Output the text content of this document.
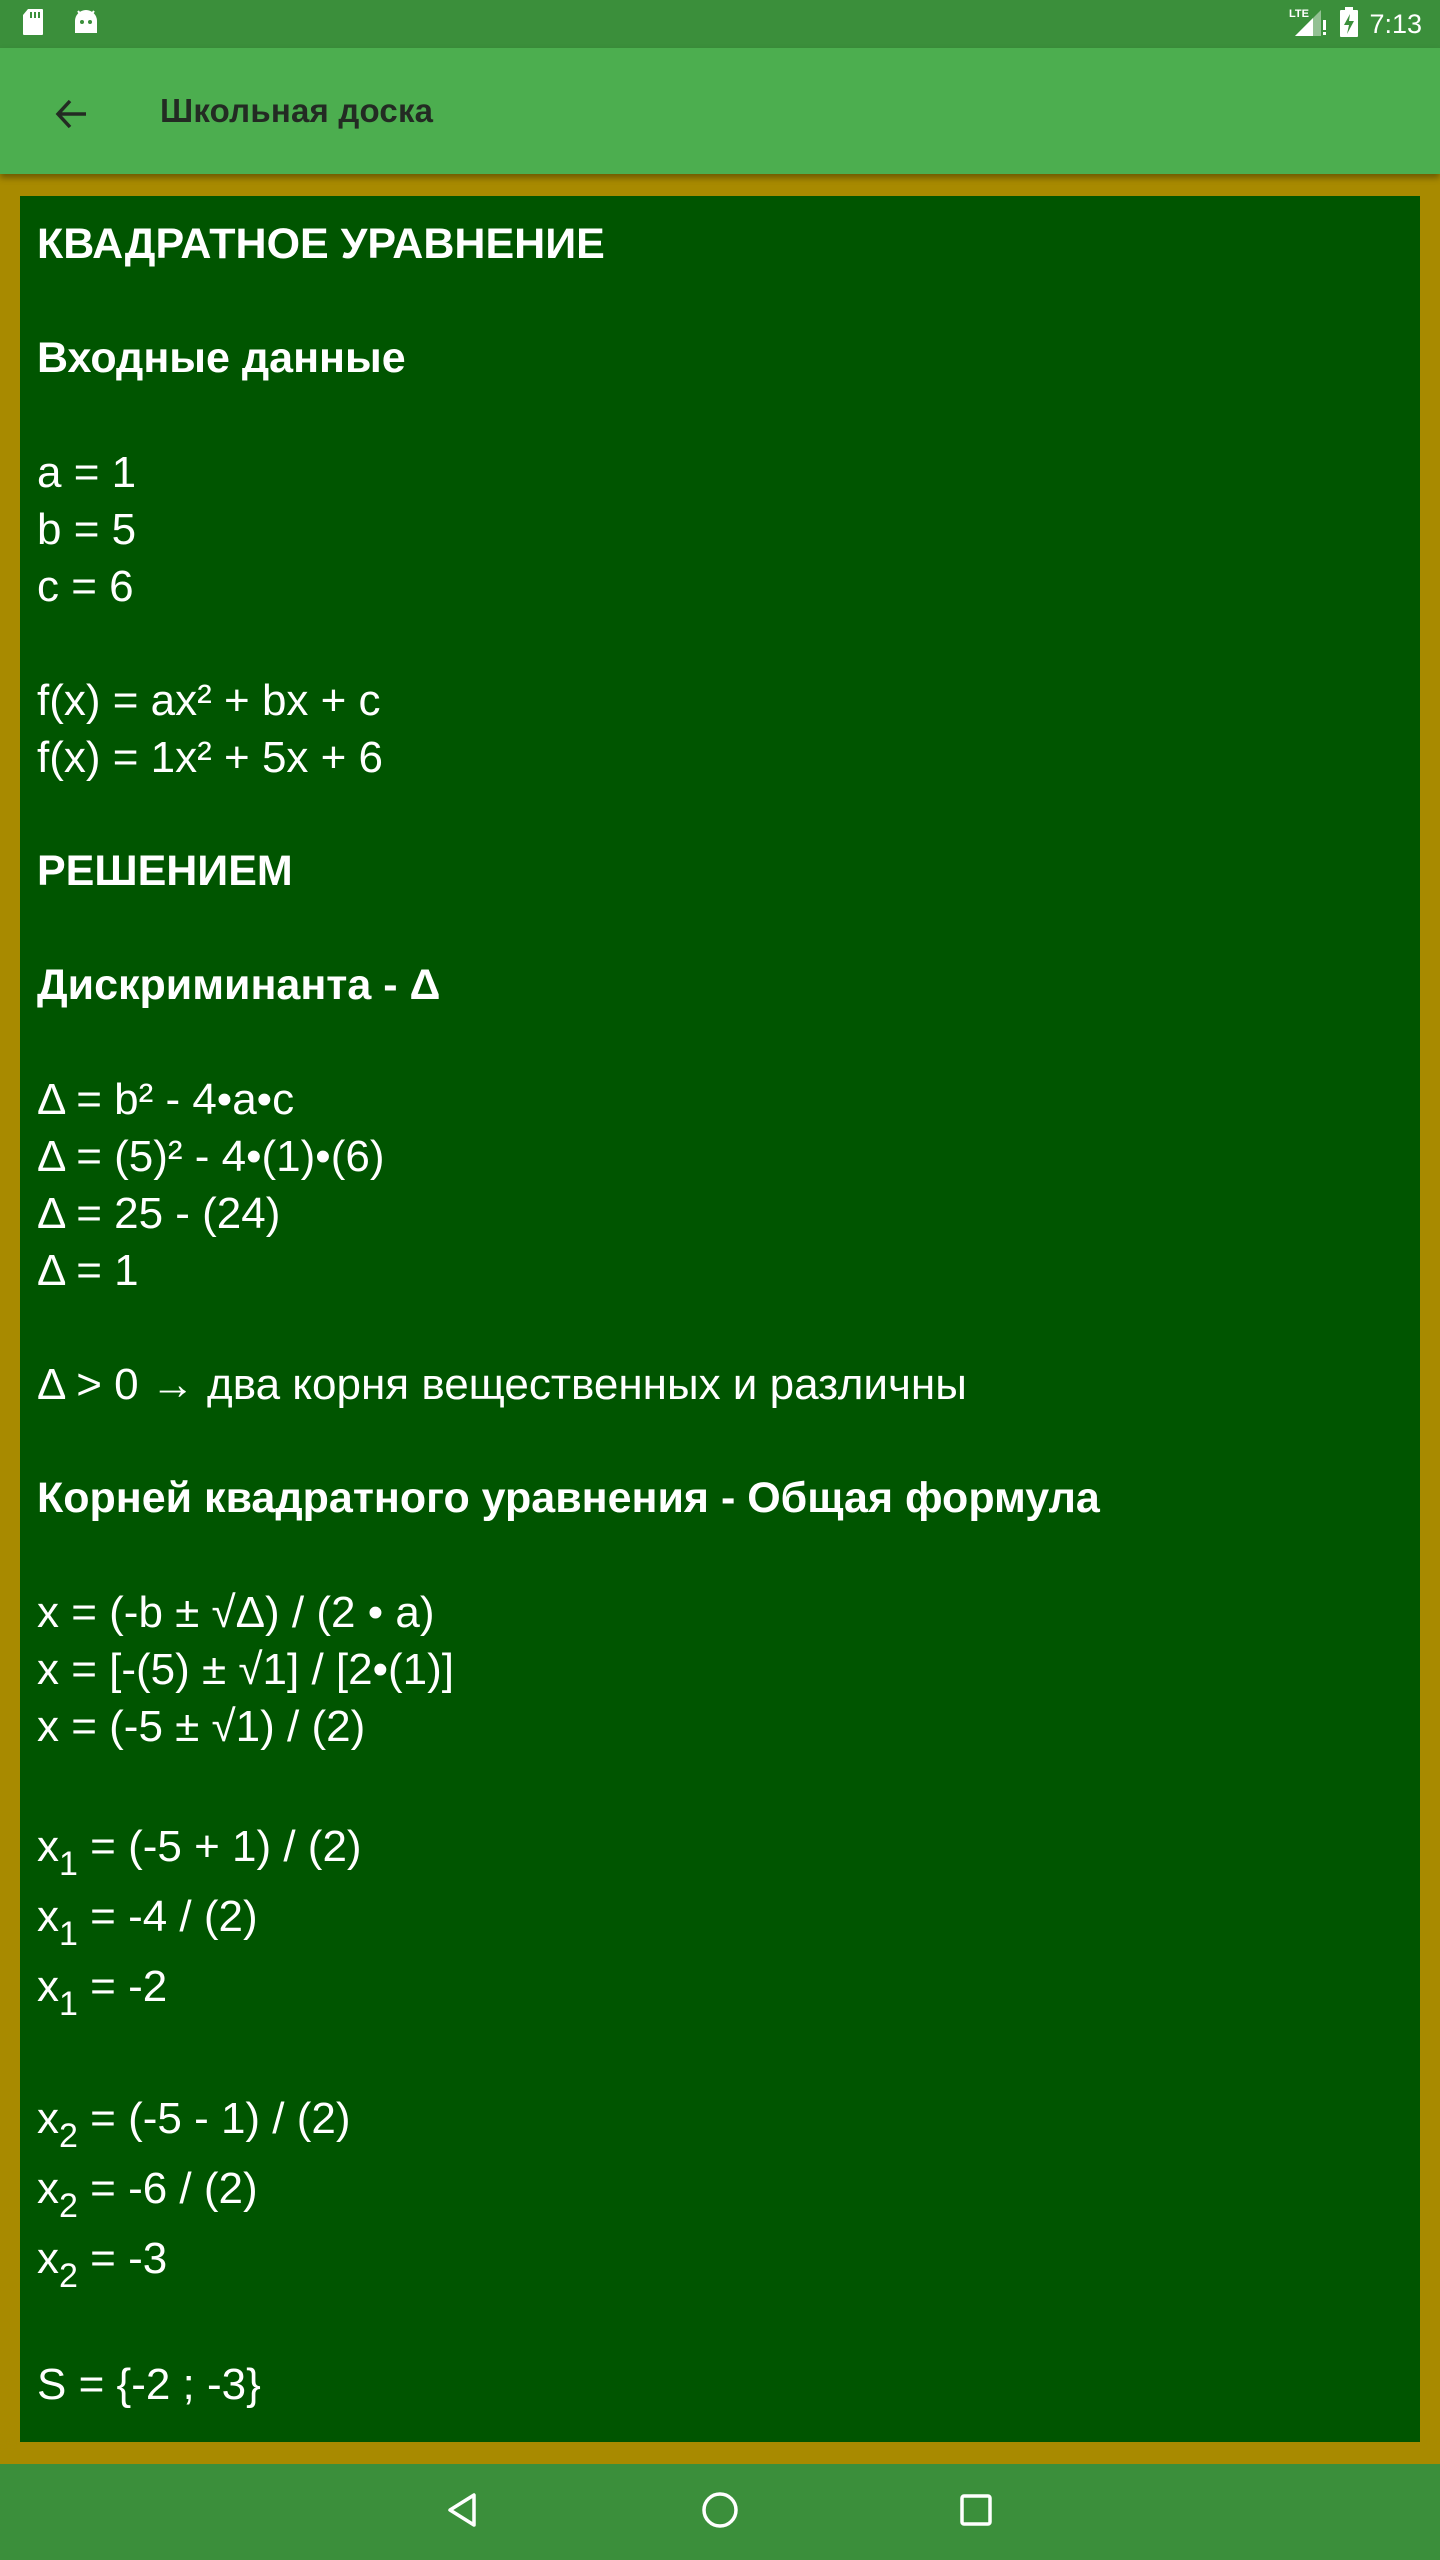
LTE 7:13
Школьная доска
КВАДРАТНОЕ УРАВНЕНИЕ
Входные данные
a = 1
b = 5
c = 6
f(x) = ax² + bx + c
f(x) = 1x² + 5x + 6
РЕШЕНИЕМ
Дискриминанта - Δ
Δ = b² - 4•a•c
Δ = (5)² - 4•(1)•(6)
Δ = 25 - (24)
Δ = 1
Δ > 0 → два корня вещественных и различны
Корней квадратного уравнения - Общая формула
x = (-b ± √Δ) / (2 • a)
x = [-(5) ± √1] / [2•(1)]
x = (-5 ± √1) / (2)
$x_1 = (-5 + 1) / (2)$
$x_1 = -4 / (2)$
$x_1 = -2$
$x_2 = (-5 - 1) / (2)$
$x_2 = -6 / (2)$
$x_2 = -3$
S = {-2 ; -3}
